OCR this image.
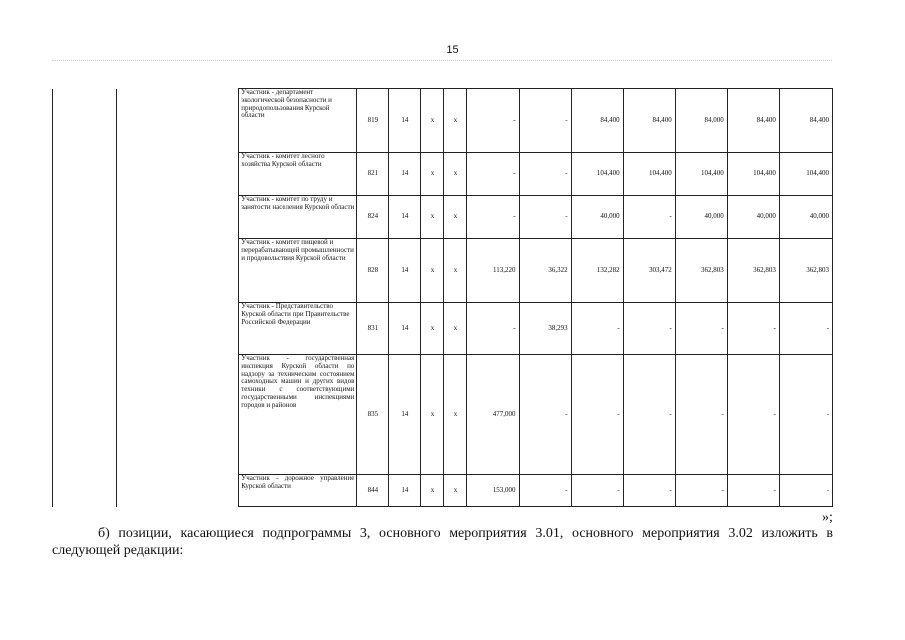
15
		Участник - департамент экологической безопасности и природопользования Курской области	819	14	х	х	-	-	84,400	84,400	84,000	84,400	84,400
		Участник - комитет лесного хозяйства Курской области	821	14	х	х	-	-	104,400	104,400	104,400	104,400	104,400
		Участник - комитет по труду и занятости населения Курской области	824	14	х	х	-	-	40,000	-	40,000	40,000	40,000
		Участник - комитет пищевой и перерабатывающей промышленности и продовольствия Курской области	828	14	х	х	113,220	36,322	132,282	303,472	362,803	362,803	362,803
		Участник - Представительство Курской области при Правительстве Российской Федерации	831	14	х	х	-	38,293	-	-	-	-	-
		Участник - государственная инспекция Курской области по надзору за техническим состоянием самоходных машин и других видов техники с соответствующими государственными инспекциями городов и районов	835	14	х	х	477,000	-	-	-	-	-	-
		Участник - дорожное управление Курской области	844	14	х	х	153,000	-	-	-	-	-	-
»;
б) позиции, касающиеся подпрограммы 3, основного мероприятия 3.01, основного мероприятия 3.02 изложить в следующей редакции:
